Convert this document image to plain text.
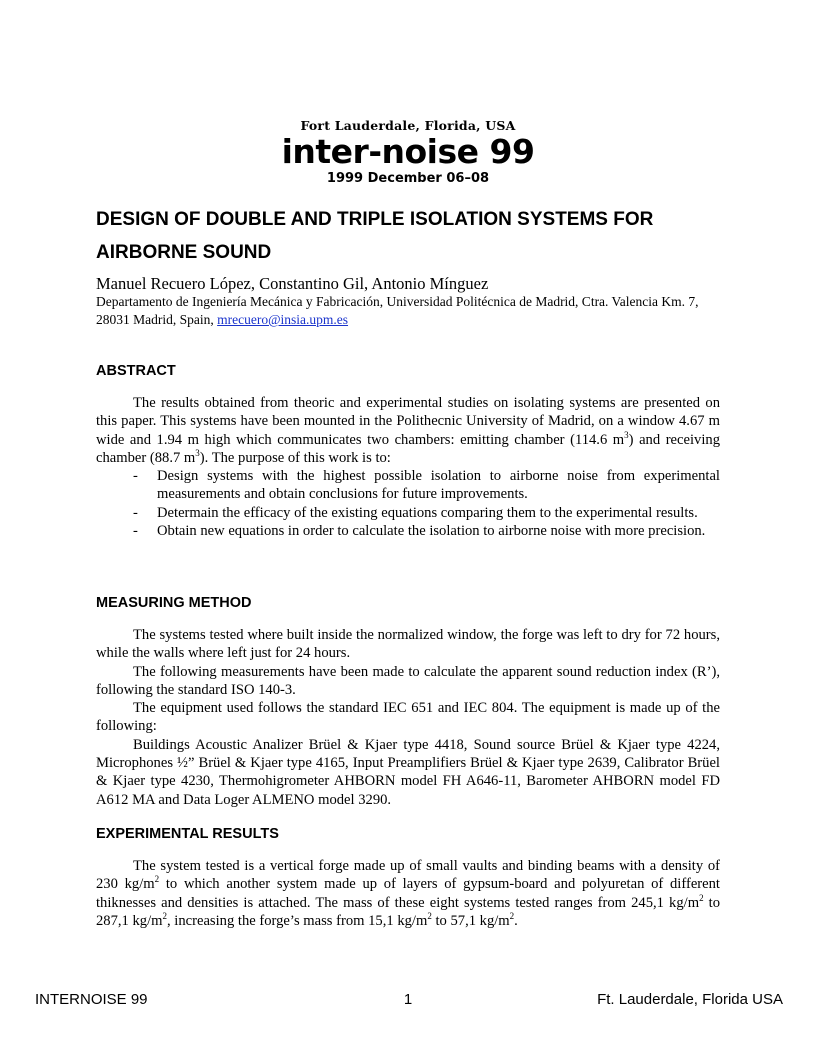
Fort Lauderdale, Florida, USA
inter-noise 99
1999 December 06–08
DESIGN OF DOUBLE AND TRIPLE ISOLATION SYSTEMS FOR AIRBORNE SOUND

Manuel Recuero López, Constantino Gil, Antonio Mínguez

Departamento de Ingeniería Mecánica y Fabricación, Universidad Politécnica de Madrid, Ctra. Valencia Km. 7, 28031 Madrid, Spain, mrecuero@insia.upm.es

ABSTRACT

The results obtained from theoric and experimental studies on isolating systems are presented on this paper. This systems have been mounted in the Polithecnic University of Madrid, on a window 4.67 m wide and 1.94 m high which communicates two chambers: emitting chamber (114.6 $m^3$) and receiving chamber (88.7 $m^3$). The purpose of this work is to:

- Design systems with the highest possible isolation to airborne noise from experimental measurements and obtain conclusions for future improvements.
- Determain the efficacy of the existing equations comparing them to the experimental results.
- Obtain new equations in order to calculate the isolation to airborne noise with more precision.
MEASURING METHOD

The systems tested where built inside the normalized window, the forge was left to dry for 72 hours, while the walls where left just for 24 hours.

The following measurements have been made to calculate the apparent sound reduction index (R’), following the standard ISO 140-3.

The equipment used follows the standard IEC 651 and IEC 804. The equipment is made up of the following:

Buildings Acoustic Analizer Brüel & Kjaer type 4418, Sound source Brüel & Kjaer type 4224, Microphones ½” Brüel & Kjaer type 4165, Input Preamplifiers Brüel & Kjaer type 2639, Calibrator Brüel & Kjaer type 4230, Thermohigrometer AHBORN model FH A646-11, Barometer AHBORN model FD A612 MA and Data Loger ALMENO model 3290.

EXPERIMENTAL RESULTS

The system tested is a vertical forge made up of small vaults and binding beams with a density of 230 $kg/m^2$ to which another system made up of layers of gypsum-board and polyuretan of different thiknesses and densities is attached. The mass of these eight systems tested ranges from 245,1 $kg/m^2$ to 287,1 $kg/m^2$, increasing the forge’s mass from 15,1 $kg/m^2$ to 57,1 $kg/m^2$.

INTERNOISE 99	1	Ft. Lauderdale, Florida USA
